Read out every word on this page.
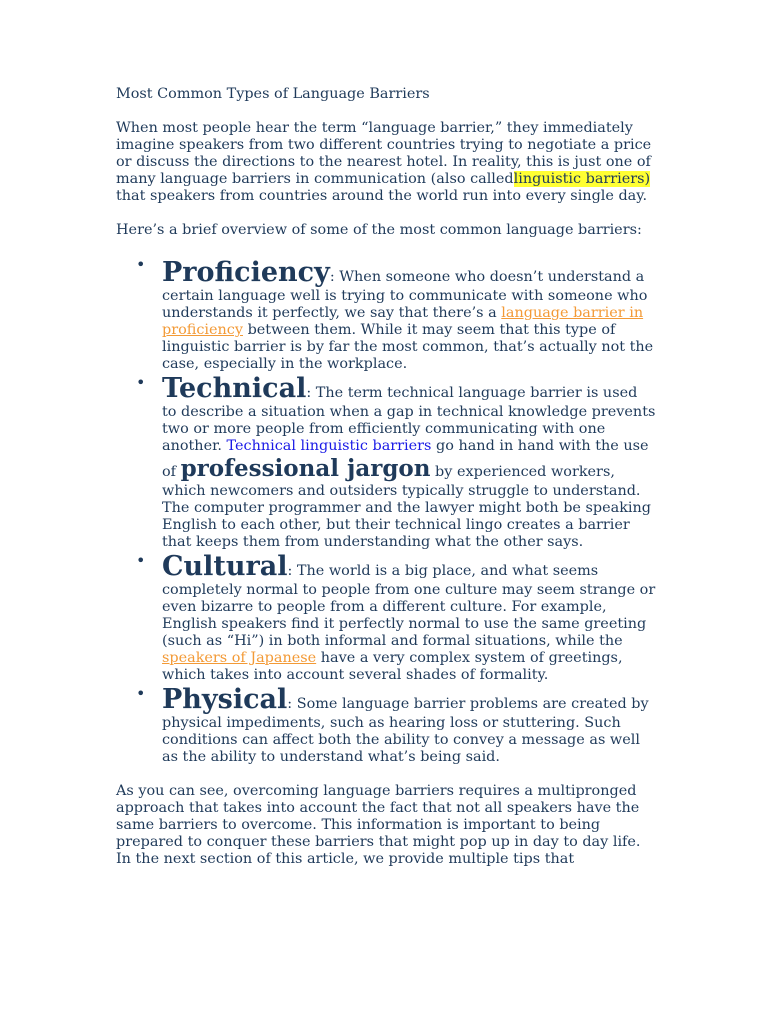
Most Common Types of Language Barriers

When most people hear the term “language barrier,” they immediately imagine speakers from two different countries trying to negotiate a price or discuss the directions to the nearest hotel. In reality, this is just one of many language barriers in communication (also calledlinguistic barriers) that speakers from countries around the world run into every single day.

Here’s a brief overview of some of the most common language barriers:

• Proficiency: When someone who doesn’t understand a certain language well is trying to communicate with someone who understands it perfectly, we say that there’s a language barrier in proficiency between them. While it may seem that this type of linguistic barrier is by far the most common, that’s actually not the case, especially in the workplace.
• Technical: The term technical language barrier is used to describe a situation when a gap in technical knowledge prevents two or more people from efficiently communicating with one another. Technical linguistic barriers go hand in hand with the use of professional jargon by experienced workers, which newcomers and outsiders typically struggle to understand. The computer programmer and the lawyer might both be speaking English to each other, but their technical lingo creates a barrier that keeps them from understanding what the other says.
• Cultural: The world is a big place, and what seems completely normal to people from one culture may seem strange or even bizarre to people from a different culture. For example, English speakers find it perfectly normal to use the same greeting (such as “Hi”) in both informal and formal situations, while the speakers of Japanese have a very complex system of greetings, which takes into account several shades of formality.
• Physical: Some language barrier problems are created by physical impediments, such as hearing loss or stuttering. Such conditions can affect both the ability to convey a message as well as the ability to understand what’s being said.

As you can see, overcoming language barriers requires a multipronged approach that takes into account the fact that not all speakers have the same barriers to overcome. This information is important to being prepared to conquer these barriers that might pop up in day to day life. In the next section of this article, we provide multiple tips that
